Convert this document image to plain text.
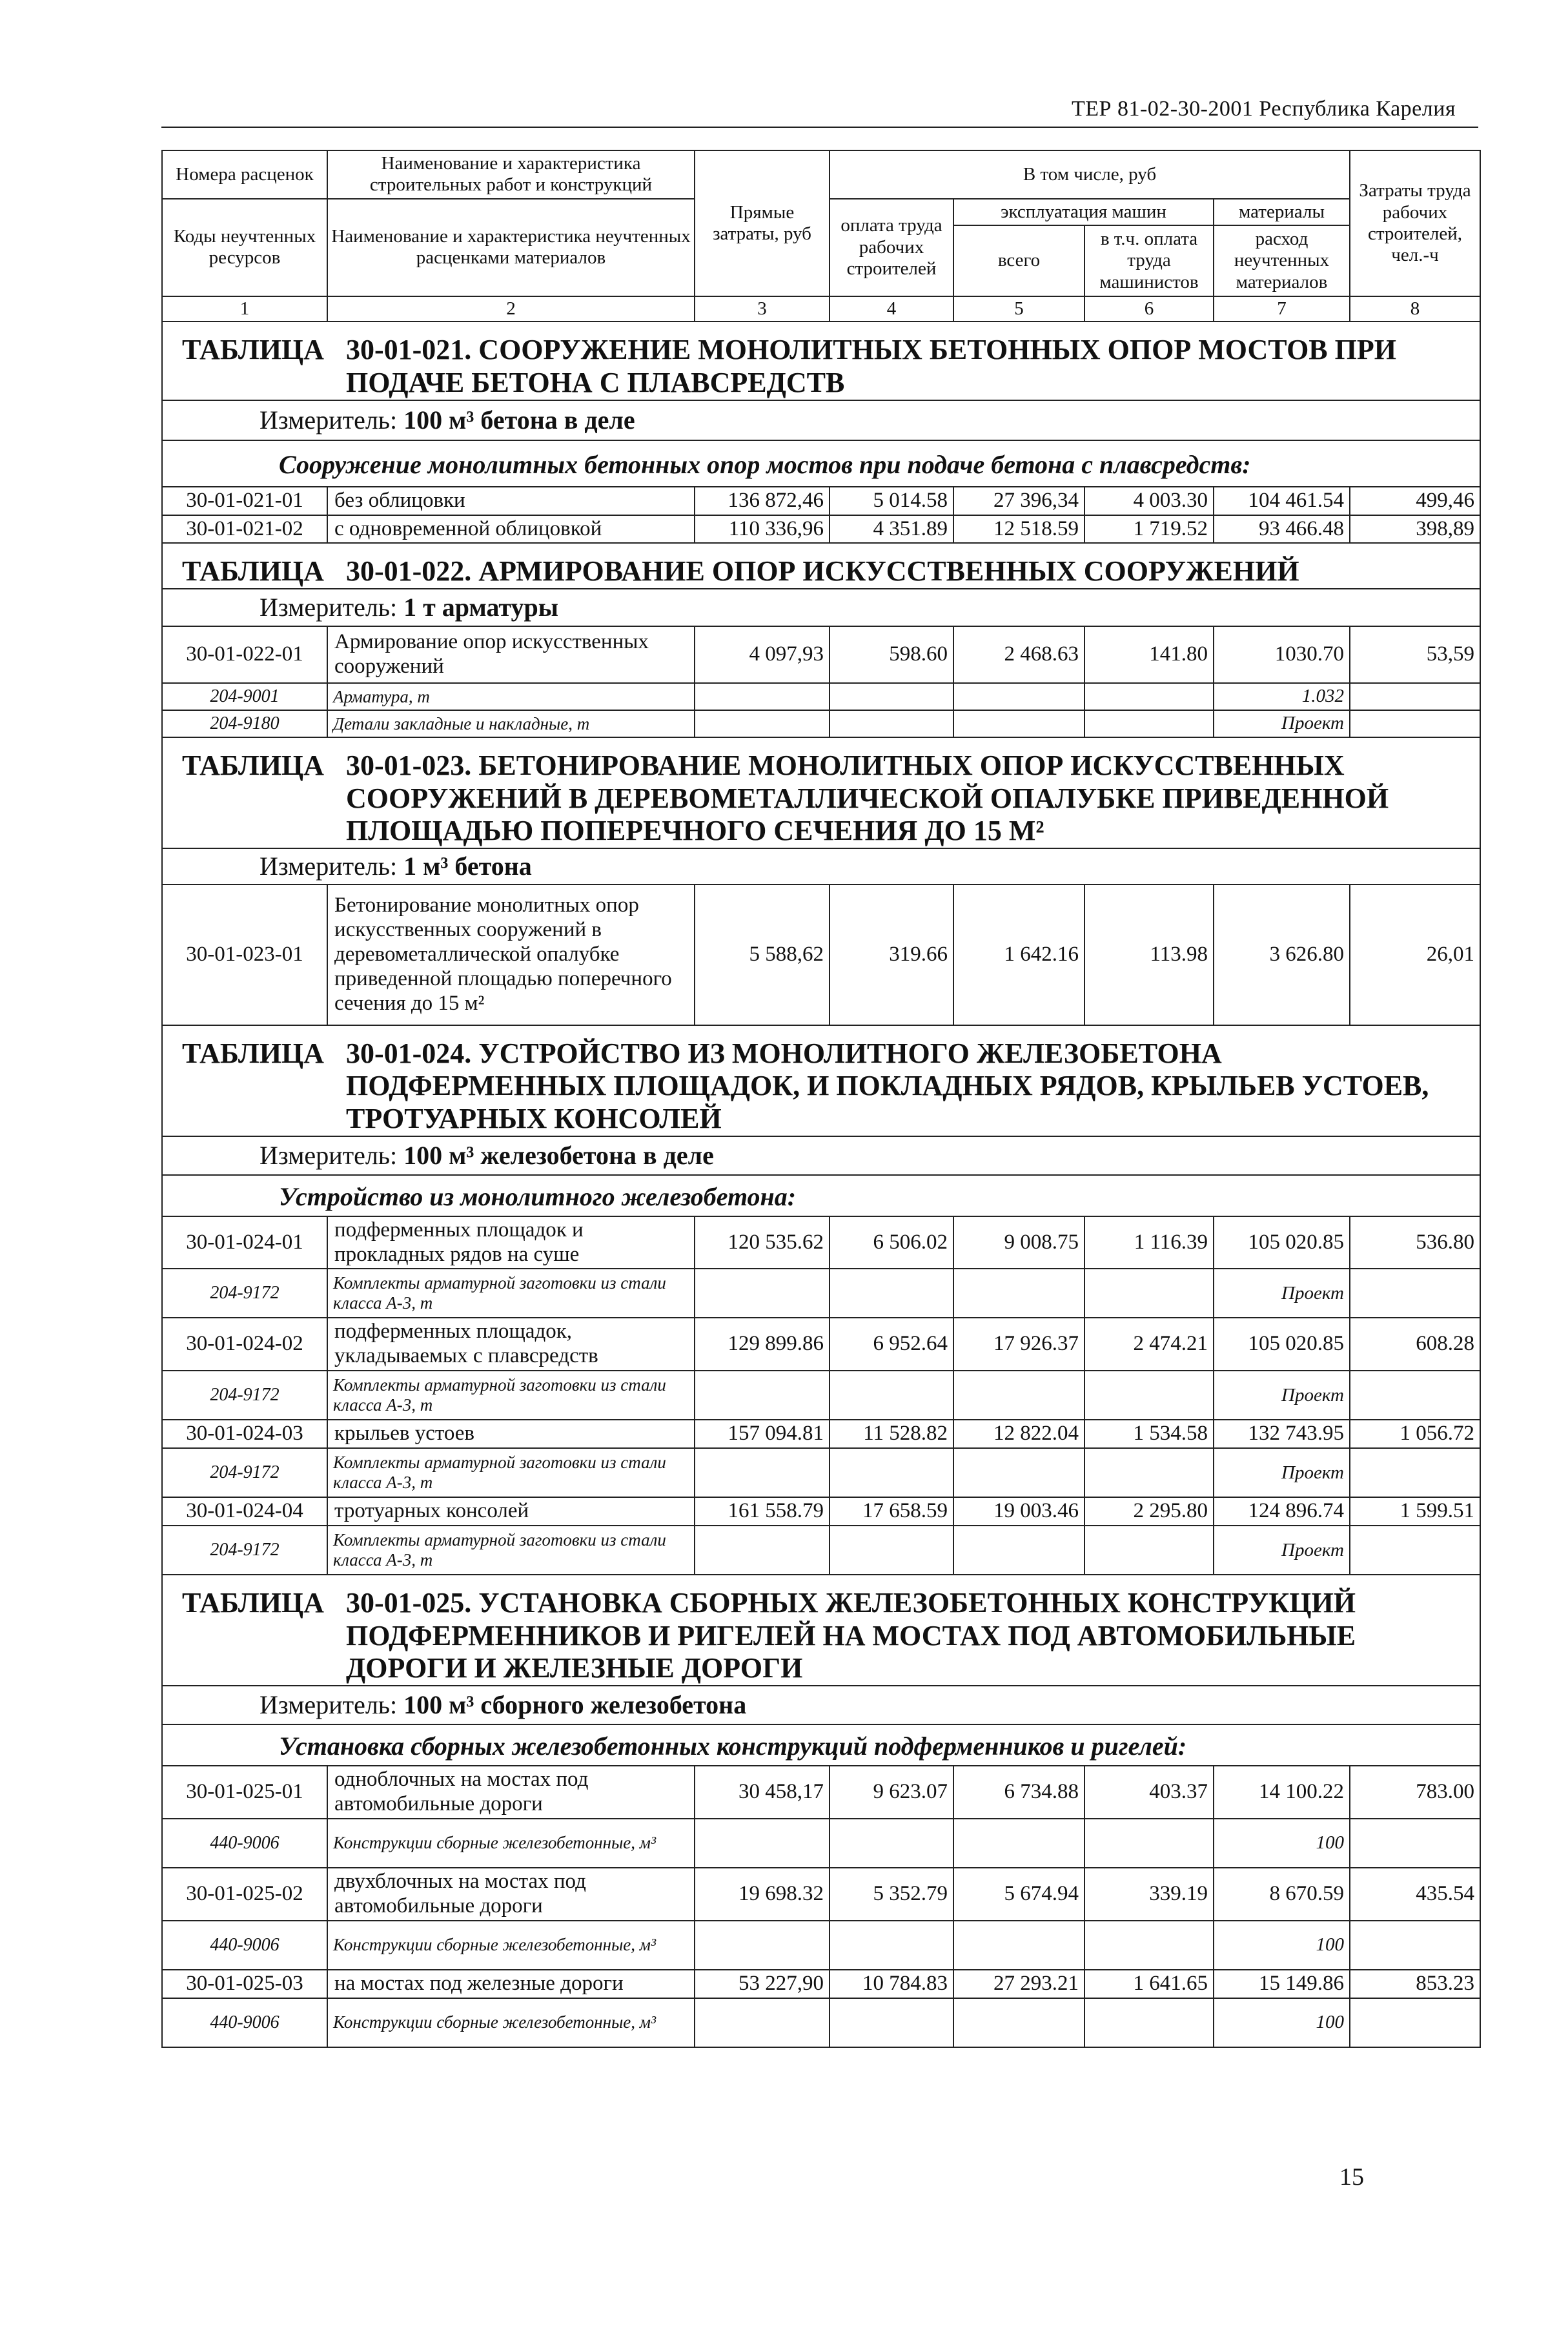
ТЕР 81-02-30-2001 Республика Карелия
Номера расценок	Наименование и характеристика строительных работ и конструкций	Прямые затраты, руб	В том числе, руб				Затраты труда рабочих строителей, чел.-ч
Коды неучтенных ресурсов	Наименование и характеристика неучтенных расценками материалов		оплата труда рабочих строителей	эксплуатация машин		материалы	
				всего	в т.ч. оплата труда машинистов	расход неучтенных материалов	
1	2	3	4	5	6	7	8

ТАБЛИЦА 30-01-021. СООРУЖЕНИЕ МОНОЛИТНЫХ БЕТОННЫХ ОПОР МОСТОВ ПРИ ПОДАЧЕ БЕТОНА С ПЛАВСРЕДСТВ							

Измеритель: 100 м³ бетона в деле							
Сооружение монолитных бетонных опор мостов при подаче бетона с плавсредств:							
30-01-021-01	без облицовки	136 872,46	5 014.58	27 396,34	4 003.30	104 461.54	499,46
30-01-021-02	с одновременной облицовкой	110 336,96	4 351.89	12 518.59	1 719.52	93 466.48	398,89

ТАБЛИЦА 30-01-022. АРМИРОВАНИЕ ОПОР ИСКУССТВЕННЫХ СООРУЖЕНИЙ							

Измеритель: 1 т арматуры							
30-01-022-01	Армирование опор искусственных сооружений	4 097,93	598.60	2 468.63	141.80	1030.70	53,59
204-9001	Арматура, т					1.032	
204-9180	Детали закладные и накладные, т					Проект	

ТАБЛИЦА 30-01-023. БЕТОНИРОВАНИЕ МОНОЛИТНЫХ ОПОР ИСКУССТВЕННЫХ СООРУЖЕНИЙ В ДЕРЕВОМЕТАЛЛИЧЕСКОЙ ОПАЛУБКЕ ПРИВЕДЕННОЙ ПЛОЩАДЬЮ ПОПЕРЕЧНОГО СЕЧЕНИЯ ДО 15 М²							

Измеритель: 1 м³ бетона							
30-01-023-01	Бетонирование монолитных опор искусственных сооружений в деревометаллической опалубке приведенной площадью поперечного сечения до 15 м²	5 588,62	319.66	1 642.16	113.98	3 626.80	26,01

ТАБЛИЦА 30-01-024. УСТРОЙСТВО ИЗ МОНОЛИТНОГО ЖЕЛЕЗОБЕТОНА ПОДФЕРМЕННЫХ ПЛОЩАДОК, И ПОКЛАДНЫХ РЯДОВ, КРЫЛЬЕВ УСТОЕВ, ТРОТУАРНЫХ КОНСОЛЕЙ							

Измеритель: 100 м³ железобетона в деле							
Устройство из монолитного железобетона:							
30-01-024-01	подферменных площадок и прокладных рядов на суше	120 535.62	6 506.02	9 008.75	1 116.39	105 020.85	536.80
204-9172	Комплекты арматурной заготовки из стали класса А-3, т					Проект	
30-01-024-02	подферменных площадок, укладываемых с плавсредств	129 899.86	6 952.64	17 926.37	2 474.21	105 020.85	608.28
204-9172	Комплекты арматурной заготовки из стали класса А-3, т					Проект	
30-01-024-03	крыльев устоев	157 094.81	11 528.82	12 822.04	1 534.58	132 743.95	1 056.72
204-9172	Комплекты арматурной заготовки из стали класса А-3, т					Проект	
30-01-024-04	тротуарных консолей	161 558.79	17 658.59	19 003.46	2 295.80	124 896.74	1 599.51
204-9172	Комплекты арматурной заготовки из стали класса А-3, т					Проект	

ТАБЛИЦА 30-01-025. УСТАНОВКА СБОРНЫХ ЖЕЛЕЗОБЕТОННЫХ КОНСТРУКЦИЙ ПОДФЕРМЕННИКОВ И РИГЕЛЕЙ НА МОСТАХ ПОД АВТОМОБИЛЬНЫЕ ДОРОГИ И ЖЕЛЕЗНЫЕ ДОРОГИ							

Измеритель: 100 м³ сборного железобетона							
Установка сборных железобетонных конструкций подферменников и ригелей:							
30-01-025-01	одноблочных на мостах под автомобильные дороги	30 458,17	9 623.07	6 734.88	403.37	14 100.22	783.00
440-9006	Конструкции сборные железобетонные, м³					100	
30-01-025-02	двухблочных на мостах под автомобильные дороги	19 698.32	5 352.79	5 674.94	339.19	8 670.59	435.54
440-9006	Конструкции сборные железобетонные, м³					100	
30-01-025-03	на мостах под железные дороги	53 227,90	10 784.83	27 293.21	1 641.65	15 149.86	853.23
440-9006	Конструкции сборные железобетонные, м³					100	
15
